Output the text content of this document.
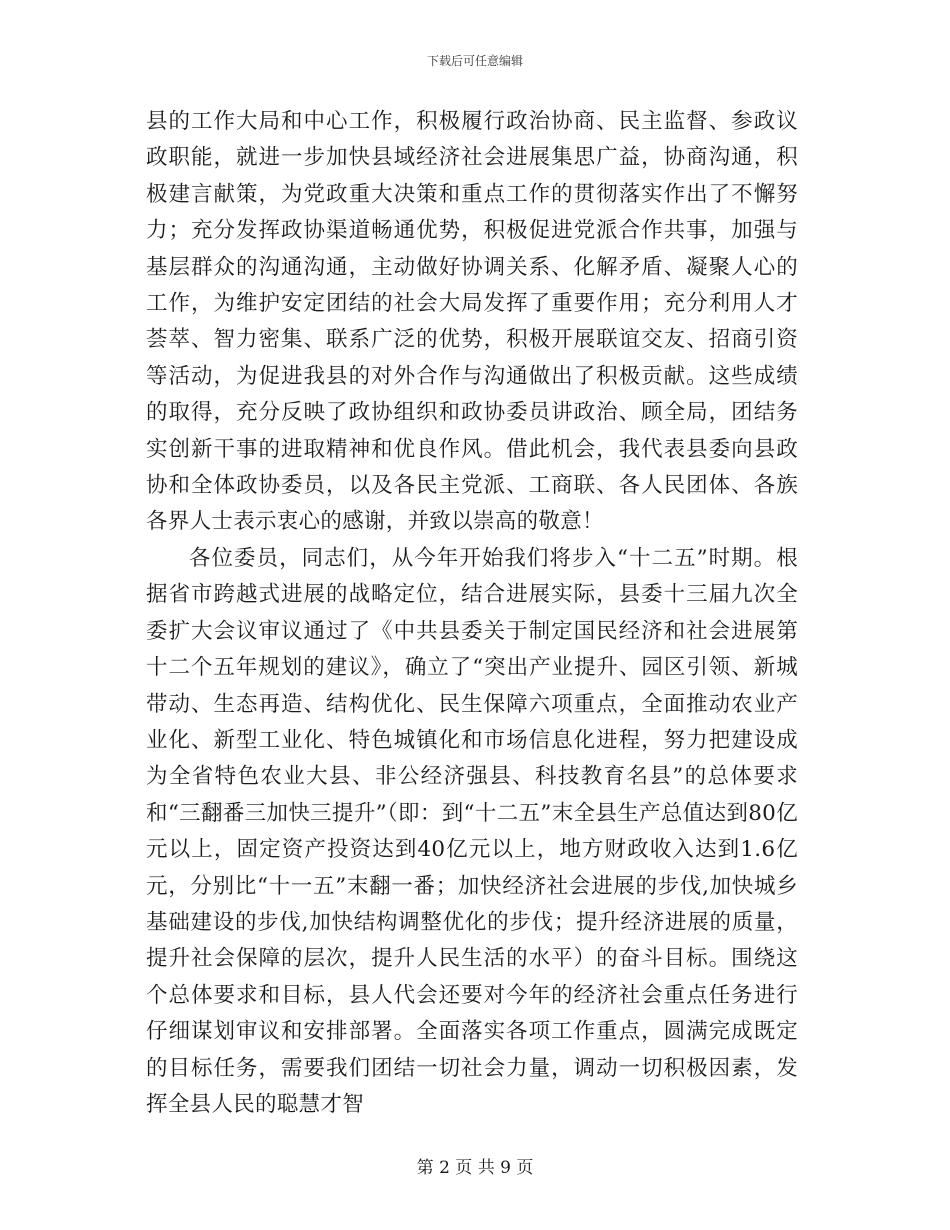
下载后可任意编辑

县的工作大局和中心工作，积极履行政治协商、民主监督、参政议政职能，就进一步加快县域经济社会进展集思广益，协商沟通，积极建言献策，为党政重大决策和重点工作的贯彻落实作出了不懈努力；充分发挥政协渠道畅通优势，积极促进党派合作共事，加强与基层群众的沟通沟通，主动做好协调关系、化解矛盾、凝聚人心的工作，为维护安定团结的社会大局发挥了重要作用；充分利用人才荟萃、智力密集、联系广泛的优势，积极开展联谊交友、招商引资等活动，为促进我县的对外合作与沟通做出了积极贡献。这些成绩的取得，充分反映了政协组织和政协委员讲政治、顾全局，团结务实创新干事的进取精神和优良作风。借此机会，我代表县委向县政协和全体政协委员，以及各民主党派、工商联、各人民团体、各族各界人士表示衷心的感谢，并致以崇高的敬意！

各位委员，同志们，从今年开始我们将步入“十二五”时期。根据省市跨越式进展的战略定位，结合进展实际，县委十三届九次全委扩大会议审议通过了《中共县委关于制定国民经济和社会进展第十二个五年规划的建议》，确立了“突出产业提升、园区引领、新城带动、生态再造、结构优化、民生保障六项重点，全面推动农业产业化、新型工业化、特色城镇化和市场信息化进程，努力把建设成为全省特色农业大县、非公经济强县、科技教育名县”的总体要求和“三翻番三加快三提升”（即：到“十二五”末全县生产总值达到80亿元以上，固定资产投资达到40亿元以上，地方财政收入达到1.6亿元，分别比“十一五”末翻一番；加快经济社会进展的步伐,加快城乡基础建设的步伐,加快结构调整优化的步伐；提升经济进展的质量，提升社会保障的层次，提升人民生活的水平）的奋斗目标。围绕这个总体要求和目标，县人代会还要对今年的经济社会重点任务进行仔细谋划审议和安排部署。全面落实各项工作重点，圆满完成既定的目标任务，需要我们团结一切社会力量，调动一切积极因素，发挥全县人民的聪慧才智

第 2 页 共 9 页
